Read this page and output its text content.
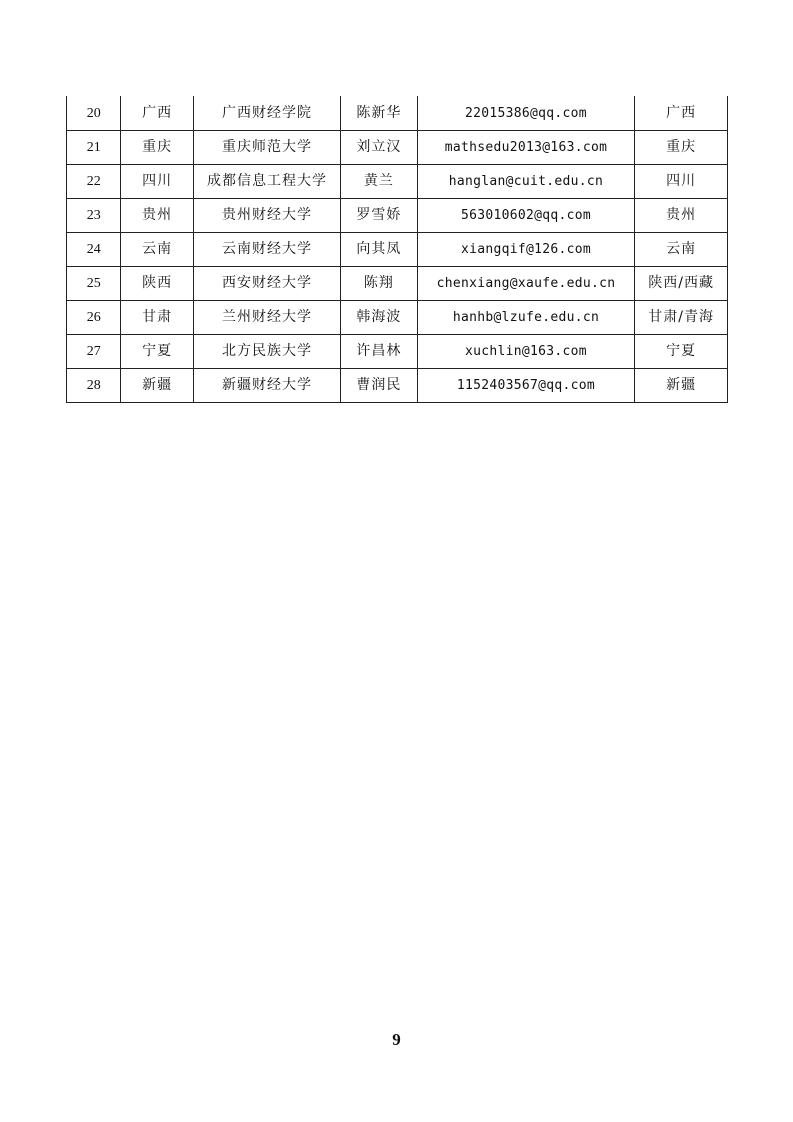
20	广西	广西财经学院	陈新华	22015386@qq.com	广西
21	重庆	重庆师范大学	刘立汉	mathsedu2013@163.com	重庆
22	四川	成都信息工程大学	黄兰	hanglan@cuit.edu.cn	四川
23	贵州	贵州财经大学	罗雪娇	563010602@qq.com	贵州
24	云南	云南财经大学	向其凤	xiangqif@126.com	云南
25	陕西	西安财经大学	陈翔	chenxiang@xaufe.edu.cn	陕西/西藏
26	甘肃	兰州财经大学	韩海波	hanhb@lzufe.edu.cn	甘肃/青海
27	宁夏	北方民族大学	许昌林	xuchlin@163.com	宁夏
28	新疆	新疆财经大学	曹润民	1152403567@qq.com	新疆
9
